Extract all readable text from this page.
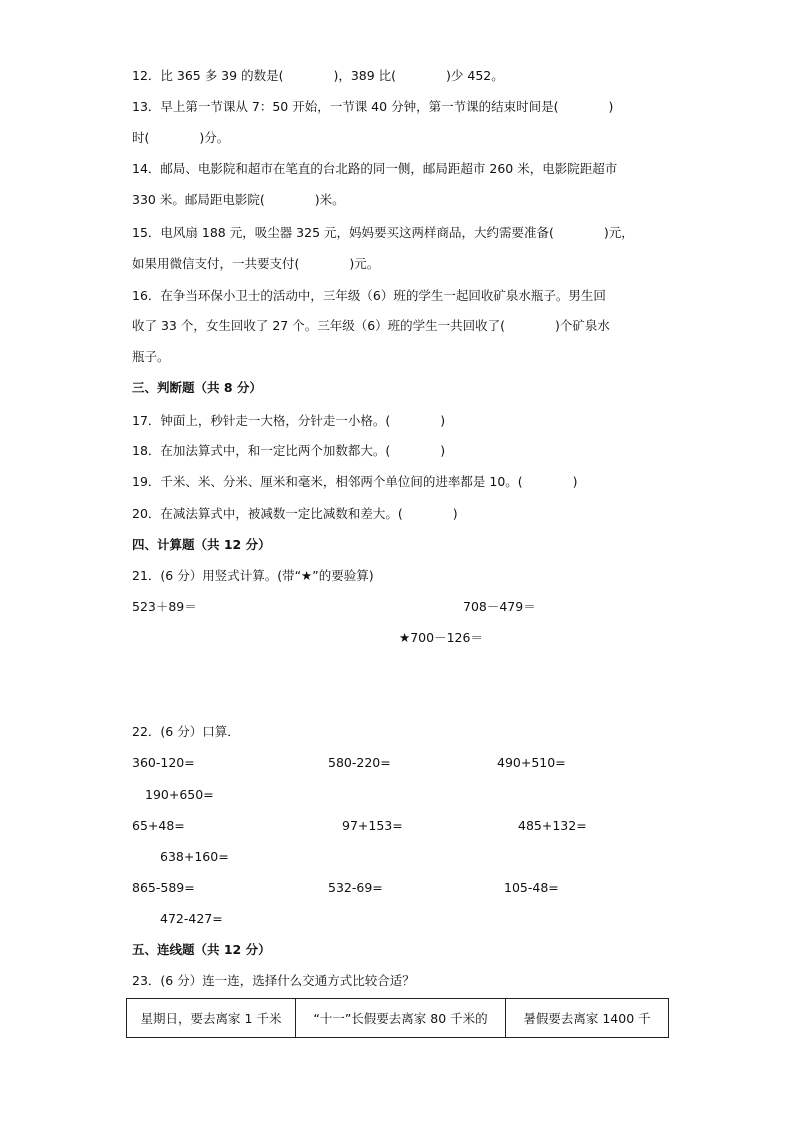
12．比 365 多 39 的数是(　　　　)，389 比(　　　　)少 452。
13．早上第一节课从 7：50 开始，一节课 40 分钟，第一节课的结束时间是(　　　　)
时(　　　　)分。
14．邮局、电影院和超市在笔直的台北路的同一侧，邮局距超市 260 米，电影院距超市
330 米。邮局距电影院(　　　　)米。
15．电风扇 188 元，吸尘器 325 元，妈妈要买这两样商品，大约需要准备(　　　　)元，
如果用微信支付，一共要支付(　　　　)元。
16．在争当环保小卫士的活动中，三年级（6）班的学生一起回收矿泉水瓶子。男生回
收了 33 个，女生回收了 27 个。三年级（6）班的学生一共回收了(　　　　)个矿泉水
瓶子。
三、判断题（共 8 分）
17．钟面上，秒针走一大格，分针走一小格。(　　　　)
18．在加法算式中，和一定比两个加数都大。(　　　　)
19．千米、米、分米、厘米和毫米，相邻两个单位间的进率都是 10。(　　　　)
20．在减法算式中，被减数一定比减数和差大。(　　　　)
四、计算题（共 12 分）
21．(6 分）用竖式计算。(带“★”的要验算)
523＋89＝	708－479＝
★700－126＝
22．(6 分）口算．
360-120=	580-220=	490+510=
190+650=
65+48=	97+153=	485+132=
638+160=
865-589=	532-69=	105-48=
472-427=
五、连线题（共 12 分）
23．(6 分）连一连，选择什么交通方式比较合适？
星期日，要去离家 1 千米	“十一”长假要去离家 80 千米的	暑假要去离家 1400 千
